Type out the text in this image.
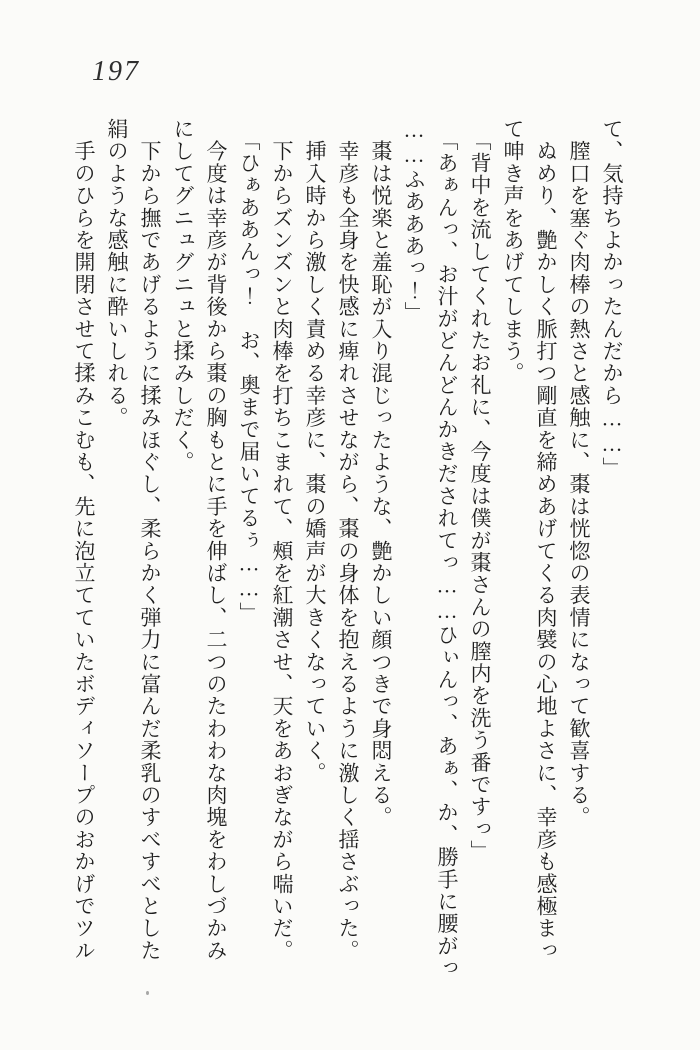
197

て、気持ちよかったんだから……」

　膣口を塞ぐ肉棒の熱さと感触に、棗は恍惚の表情になって歓喜する。

　ぬめり、艶かしく脈打つ剛直を締めあげてくる肉襞の心地よさに、幸彦も感極まっ

て呻き声をあげてしまう。

　「背中を流してくれたお礼に、今度は僕が棗さんの膣内を洗う番ですっ」

　「あぁんっ、お汁がどんどんかきだされてっ……ひぃんっ、あぁ、か、勝手に腰がっ

……ふあああっ！」

　棗は悦楽と羞恥が入り混じったような、艶かしい顔つきで身悶える。

　幸彦も全身を快感に痺れさせながら、棗の身体を抱えるように激しく揺さぶった。

　挿入時から激しく責める幸彦に、棗の嬌声が大きくなっていく。

　下からズンズンと肉棒を打ちこまれて、頰を紅潮させ、天をあおぎながら喘いだ。

　「ひぁああんっ！　お、奥まで届いてるぅ……」

　今度は幸彦が背後から棗の胸もとに手を伸ばし、二つのたわわな肉塊をわしづかみ

にしてグニュグニュと揉みしだく。

　下から撫であげるように揉みほぐし、柔らかく弾力に富んだ柔乳のすべすべとした

絹のような感触に酔いしれる。

　手のひらを開閉させて揉みこむも、先に泡立てていたボディソープのおかげでツル
